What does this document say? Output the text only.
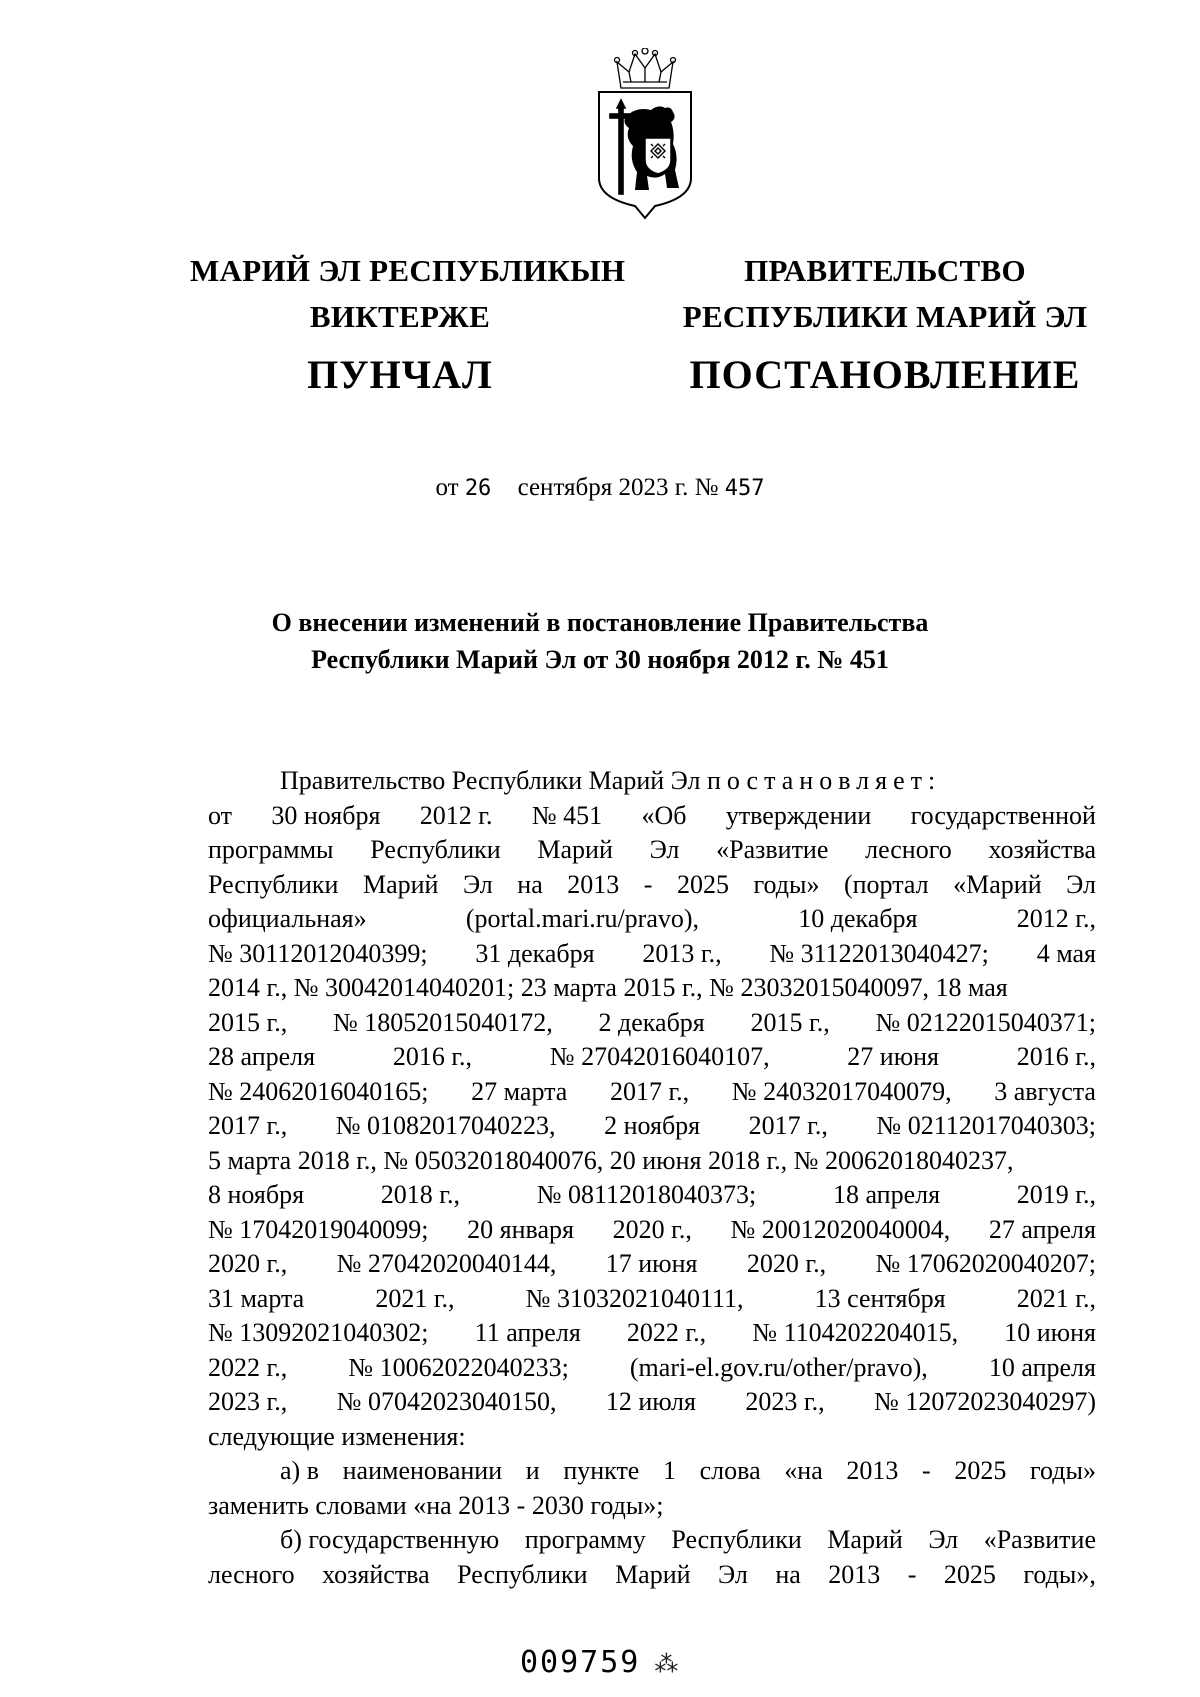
МАРИЙ ЭЛ РЕСПУБЛИКЫН
ВИКТЕРЖЕ
ПУНЧАЛ
ПРАВИТЕЛЬСТВО
РЕСПУБЛИКИ МАРИЙ ЭЛ
ПОСТАНОВЛЕНИЕ
от 26 сентября 2023 г. № 457
О внесении изменений в постановление Правительства
Республики Марий Эл от 30 ноября 2012 г. № 451

Правительство Республики Марий Эл постановляет:

от 30 ноября 2012 г. № 451 «Об утверждении государственной

программы Республики Марий Эл «Развитие лесного хозяйства

Республики Марий Эл на 2013 - 2025 годы» (портал «Марий Эл

официальная»	(portal.mari.ru/pravo),	10 декабря	2012 г.,

№ 30112012040399; 31 декабря 2013 г., № 31122013040427; 4 мая

2014 г., № 30042014040201; 23 марта 2015 г., № 23032015040097, 18 мая

2015 г., № 18052015040172, 2 декабря 2015 г., № 02122015040371;

28 апреля	2016 г.,	№ 27042016040107,	27 июня	2016 г.,

№ 24062016040165; 27 марта 2017 г., № 24032017040079, 3 августа

2017 г., № 01082017040223, 2 ноября 2017 г., № 02112017040303;

5 марта 2018 г., № 05032018040076, 20 июня 2018 г., № 20062018040237,

8 ноября	2018 г.,	№ 08112018040373;	18 апреля	2019 г.,

№ 17042019040099; 20 января 2020 г., № 20012020040004, 27 апреля

2020 г., № 27042020040144, 17 июня 2020 г., № 17062020040207;

31 марта	2021 г.,	№ 31032021040111,	13 сентября	2021 г.,

№ 13092021040302; 11 апреля 2022 г., № 1104202204015, 10 июня

2022 г., № 10062022040233; (mari-el.gov.ru/other/pravo), 10 апреля

2023 г., № 07042023040150, 12 июля 2023 г., № 12072023040297)

следующие изменения:

а) в наименовании и пункте 1 слова «на 2013 - 2025 годы»

заменить словами «на 2013 - 2030 годы»;

б) государственную программу Республики Марий Эл «Развитие

лесного хозяйства Республики Марий Эл на 2013 - 2025 годы»,

009759 ⁂
